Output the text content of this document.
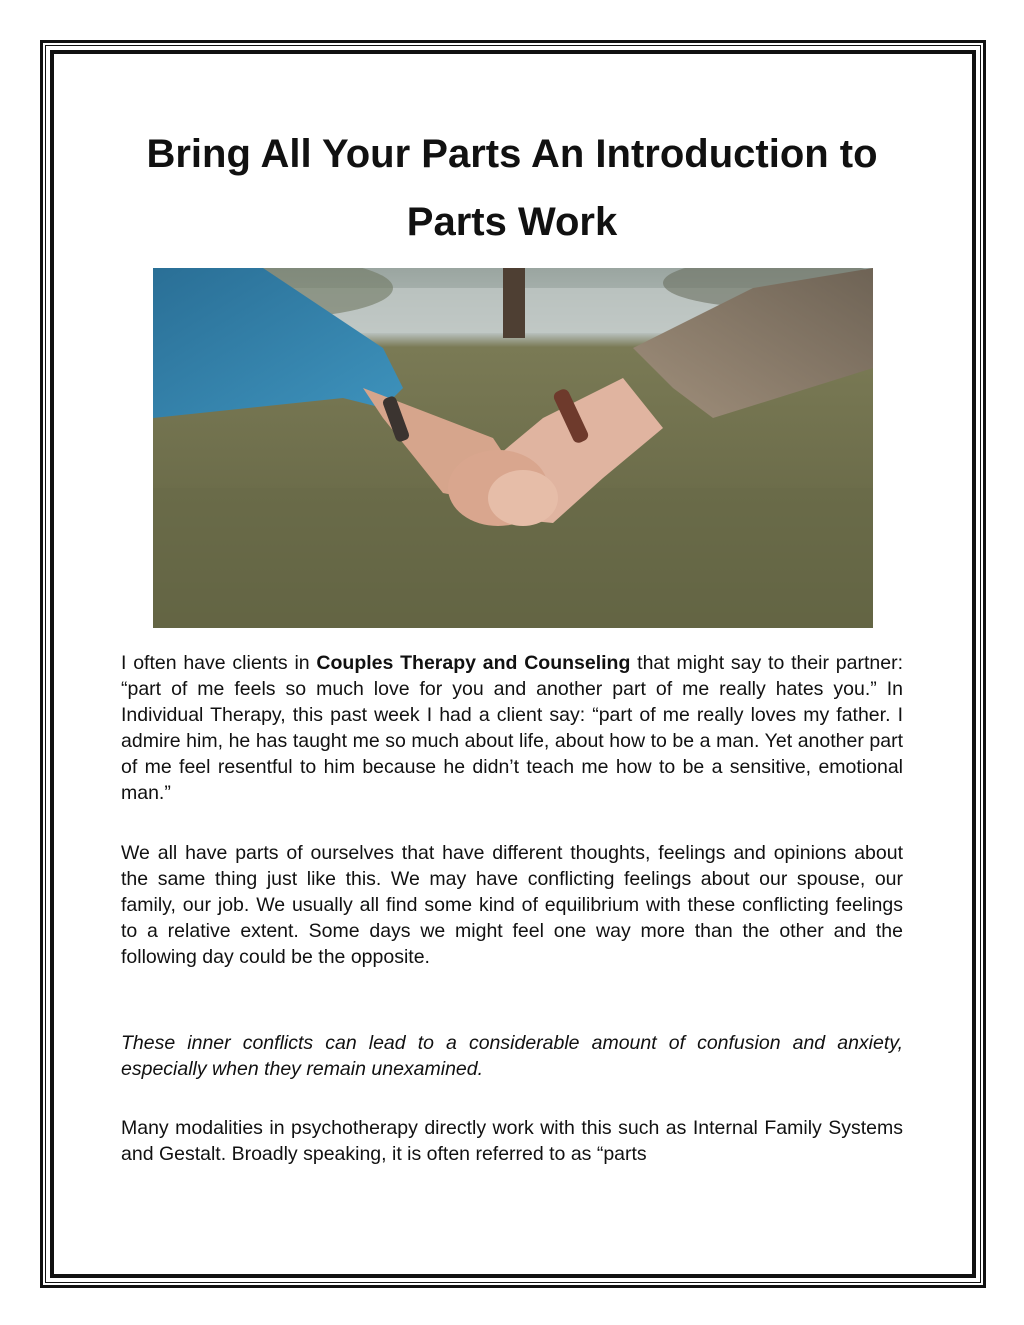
Bring All Your Parts An Introduction to Parts Work

I often have clients in Couples Therapy and Counseling that might say to their partner: “part of me feels so much love for you and another part of me really hates you.” In Individual Therapy, this past week I had a client say: “part of me really loves my father. I admire him, he has taught me so much about life, about how to be a man. Yet another part of me feel resentful to him because he didn’t teach me how to be a sensitive, emotional man.”

We all have parts of ourselves that have different thoughts, feelings and opinions about the same thing just like this. We may have conflicting feelings about our spouse, our family, our job. We usually all find some kind of equilibrium with these conflicting feelings to a relative extent. Some days we might feel one way more than the other and the following day could be the opposite.

These inner conflicts can lead to a considerable amount of confusion and anxiety, especially when they remain unexamined.

Many modalities in psychotherapy directly work with this such as Internal Family Systems and Gestalt. Broadly speaking, it is often referred to as “parts
